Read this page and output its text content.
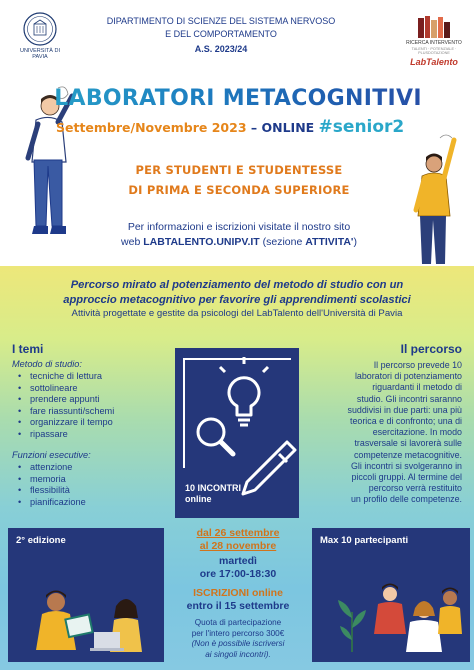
UNIVERSITÀ DI PAVIA
DIPARTIMENTO DI SCIENZE DEL SISTEMA NERVOSO
E DEL COMPORTAMENTO
A.S. 2023/24
RICERCA INTERVENTO
TALENTI · POTENZIALE · PLUSDOTAZIONE
LabTalento
LABORATORI METACOGNITIVI
Settembre/Novembre 2023 – ONLINE #senior2
PER STUDENTI E STUDENTESSE
DI PRIMA E SECONDA SUPERIORE
Per informazioni e iscrizioni visitate il nostro sito
web LABTALENTO.UNIPV.IT (sezione ATTIVITA')
Percorso mirato al potenziamento del metodo di studio con un
approccio metacognitivo per favorire gli apprendimenti scolastici
Attività progettate e gestite da psicologi del LabTalento dell'Università di Pavia
I temi
Metodo di studio:
• tecniche di lettura
• sottolineare
• prendere appunti
• fare riassunti/schemi
• organizzare il tempo
• ripassare
Funzioni esecutive:
• attenzione
• memoria
• flessibilità
• pianificazione
10 INCONTRI
online
Il percorso
Il percorso prevede 10
laboratori di potenziamento
riguardanti il metodo di
studio. Gli incontri saranno
suddivisi in due parti: una più
teorica e di confronto; una di
esercitazione. In modo
trasversale si lavorerà sulle
competenze metacognitive.
Gli incontri si svolgeranno in
piccoli gruppi. Al termine del
percorso verrà restituito
un profilo delle competenze.
2° edizione
dal 26 settembre
al 28 novembre
martedì
ore 17:00-18:30
ISCRIZIONI online
entro il 15 settembre
Quota di partecipazione
per l'intero percorso 300€
(Non è possibile iscriversi
ai singoli incontri).
Max 10 partecipanti
